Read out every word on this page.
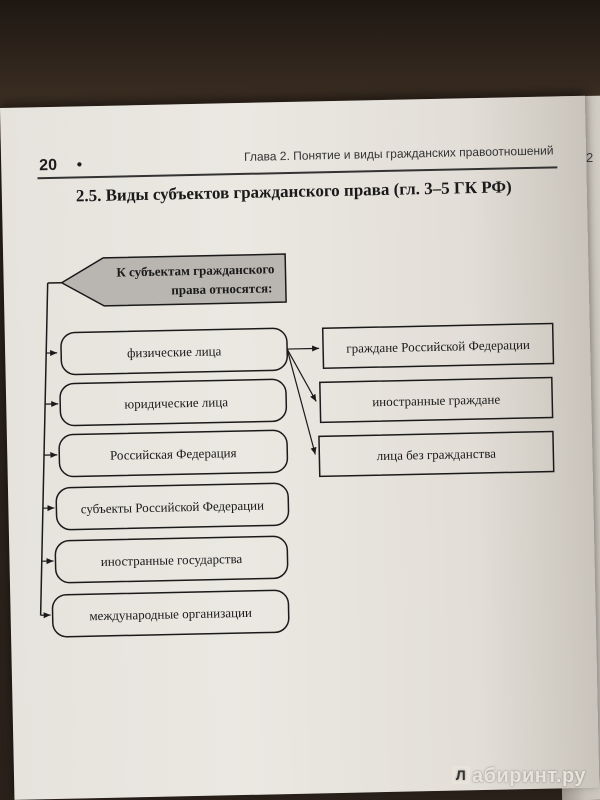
2
20 •
Глава 2. Понятие и виды гражданских правоотношений
2.5. Виды субъектов гражданского права (гл. 3–5 ГК РФ)
К субъектам гражданского
права относятся:
физические лица
юридические лица
Российская Федерация
субъекты Российской Федерации
иностранные государства
международные организации
граждане Российской Федерации
иностранные граждане
лица без гражданства
Л абиринт.ру
